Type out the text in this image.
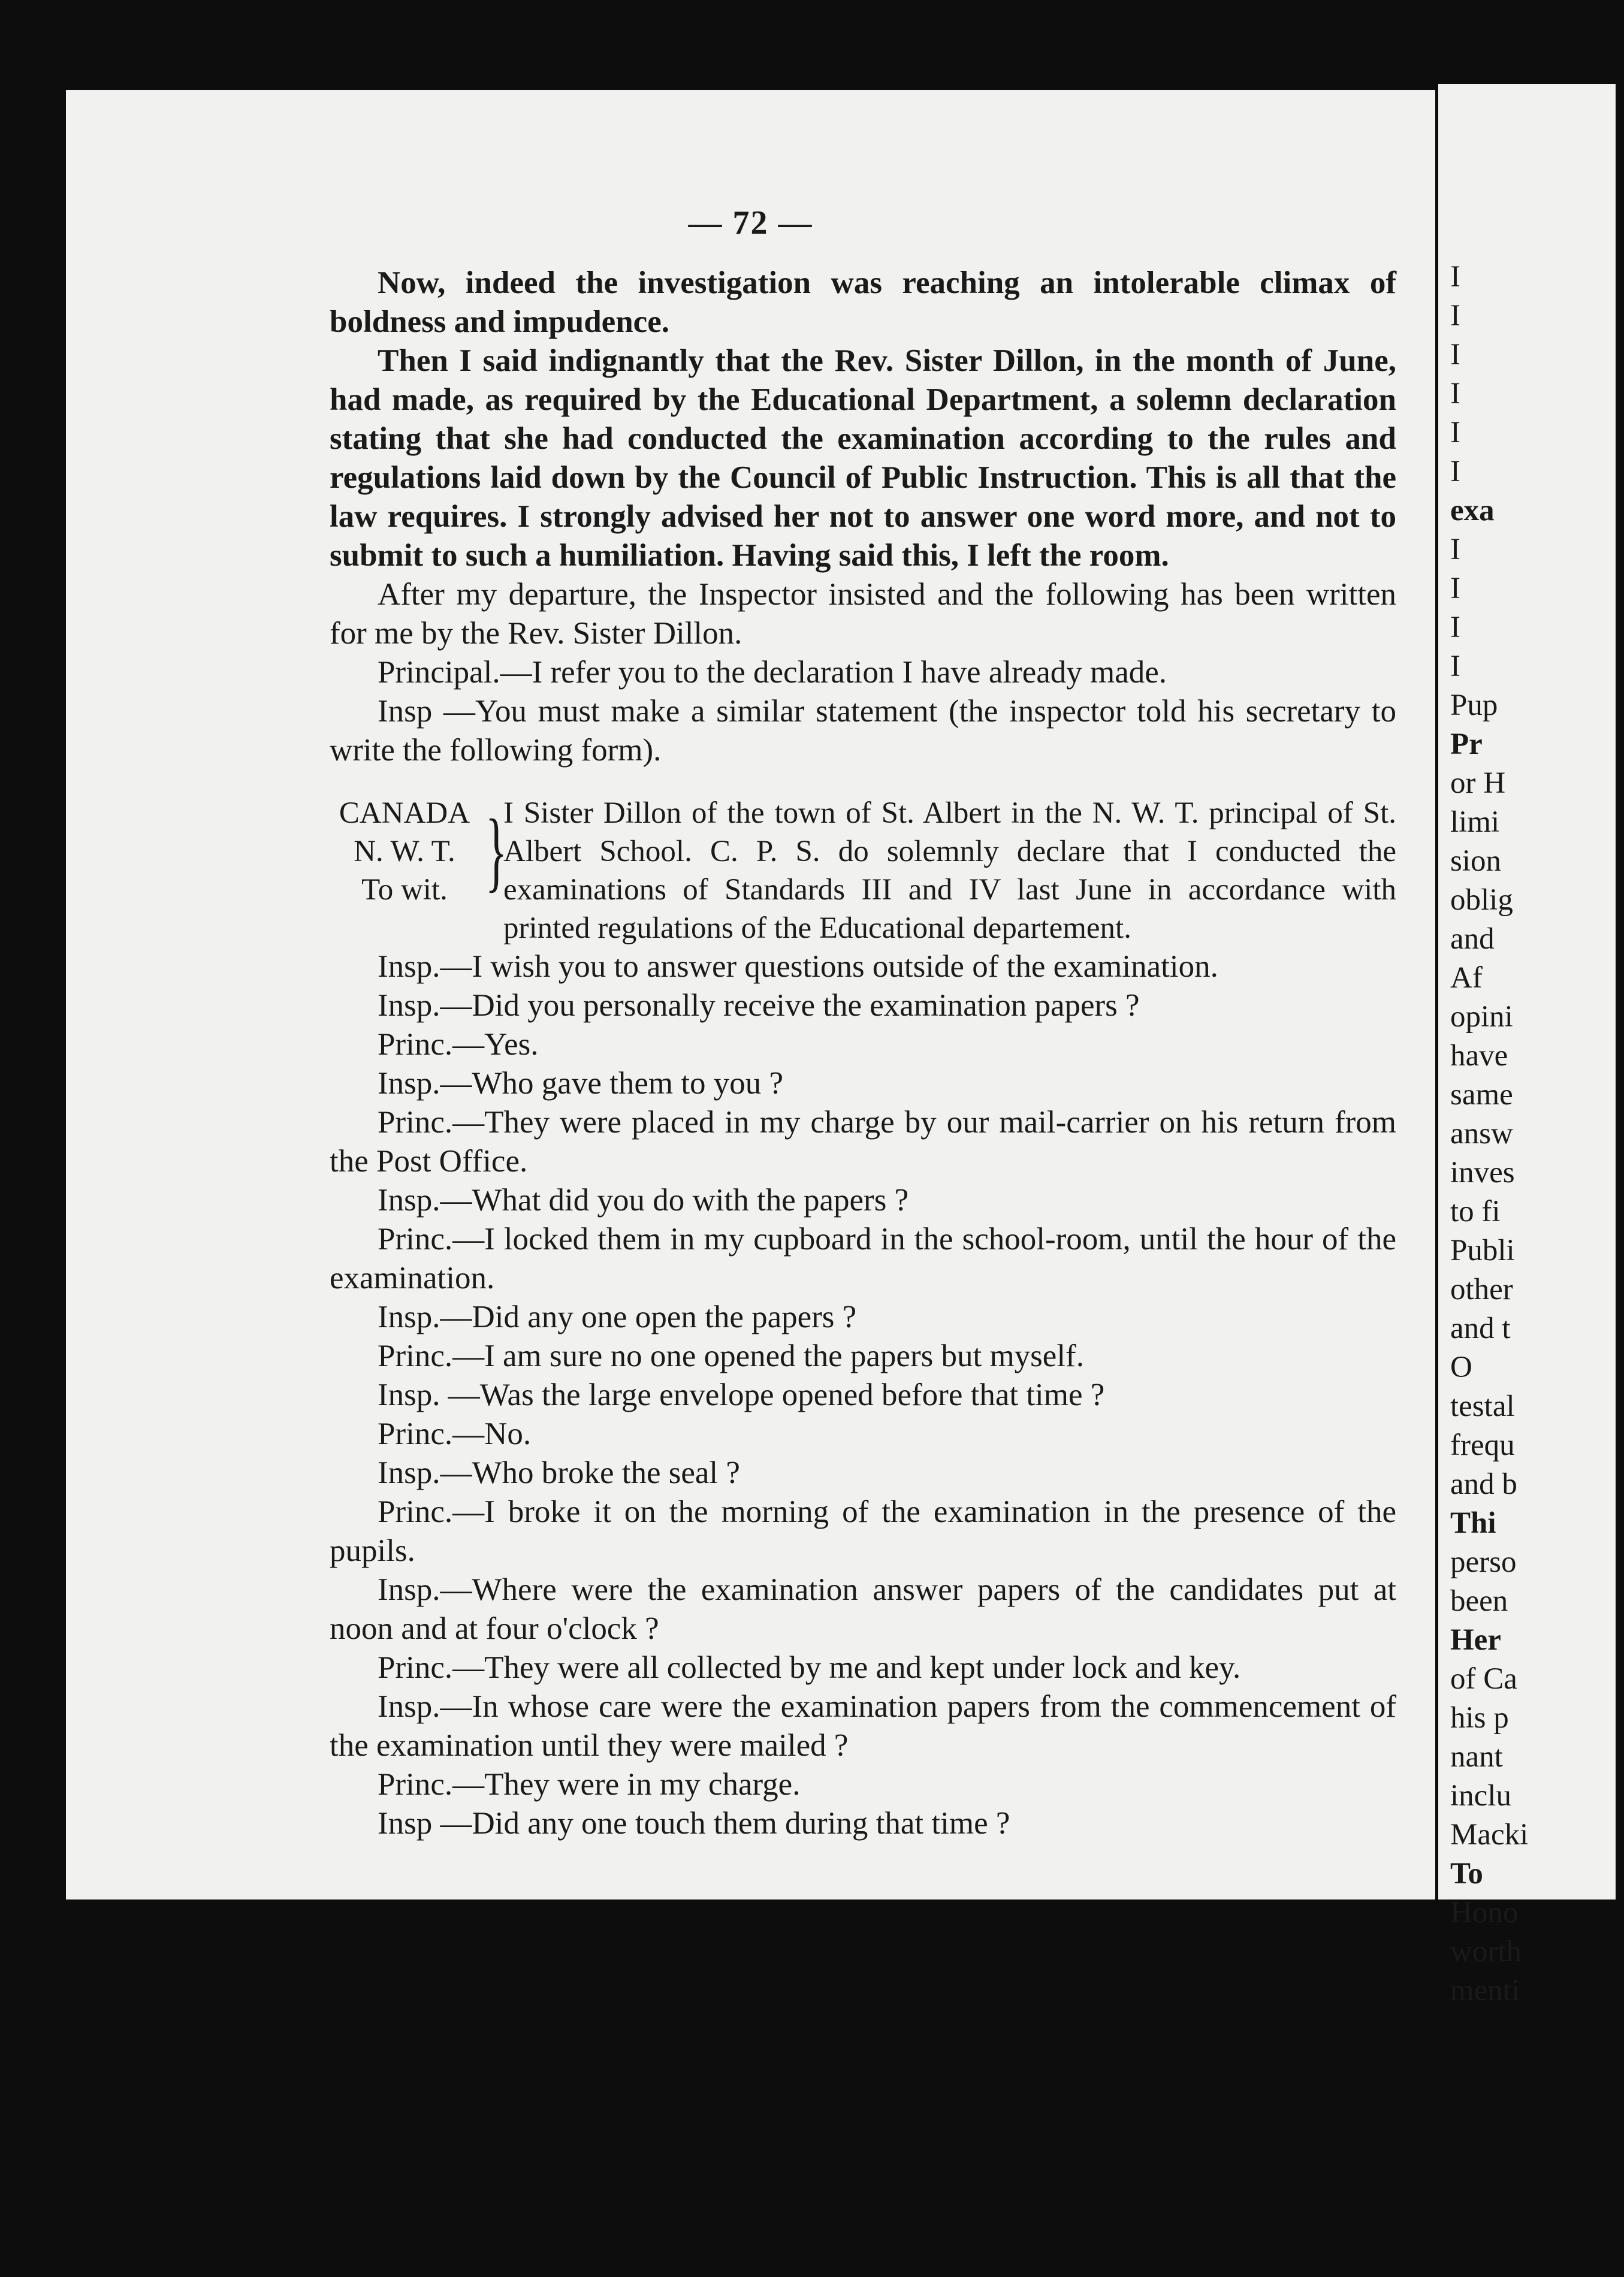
— 72 —

Now, indeed the investigation was reaching an intolerable climax of boldness and impudence.

Then I said indignantly that the Rev. Sister Dillon, in the month of June, had made, as required by the Educational Department, a solemn declaration stating that she had conducted the examination according to the rules and regulations laid down by the Council of Public Instruction. This is all that the law requires. I strongly advised her not to answer one word more, and not to submit to such a humiliation. Having said this, I left the room.

After my departure, the Inspector insisted and the following has been written for me by the Rev. Sister Dillon.

Principal.—I refer you to the declaration I have already made.

Insp —You must make a similar statement (the inspector told his secretary to write the following form).

CANADA
N. W. T.
To wit. }
I Sister Dillon of the town of St. Albert in the N. W. T. principal of St. Albert School. C. P. S. do solemnly declare that I conducted the examinations of Standards III and IV last June in accordance with printed regulations of the Educational departement.

Insp.—I wish you to answer questions outside of the examination.

Insp.—Did you personally receive the examination papers ?

Princ.—Yes.

Insp.—Who gave them to you ?

Princ.—They were placed in my charge by our mail-carrier on his return from the Post Office.

Insp.—What did you do with the papers ?

Princ.—I locked them in my cupboard in the school-room, until the hour of the examination.

Insp.—Did any one open the papers ?

Princ.—I am sure no one opened the papers but myself.

Insp. —Was the large envelope opened before that time ?

Princ.—No.

Insp.—Who broke the seal ?

Princ.—I broke it on the morning of the examination in the presence of the pupils.

Insp.—Where were the examination answer papers of the candidates put at noon and at four o'clock ?

Princ.—They were all collected by me and kept under lock and key.

Insp.—In whose care were the examination papers from the commencement of the examination until they were mailed ?

Princ.—They were in my charge.

Insp —Did any one touch them during that time ?

I
I
I
I
I
I
exa
I
I
I
I
Pup
Pr
or H
limi
sion
oblig
and
Af
opini
have
same
answ
inves
to fi
Publi
other
and t
O
testal
frequ
and b
Thi
perso
been
Her
of Ca
his p
nant
inclu
Macki
To
Hono
worth
menti
